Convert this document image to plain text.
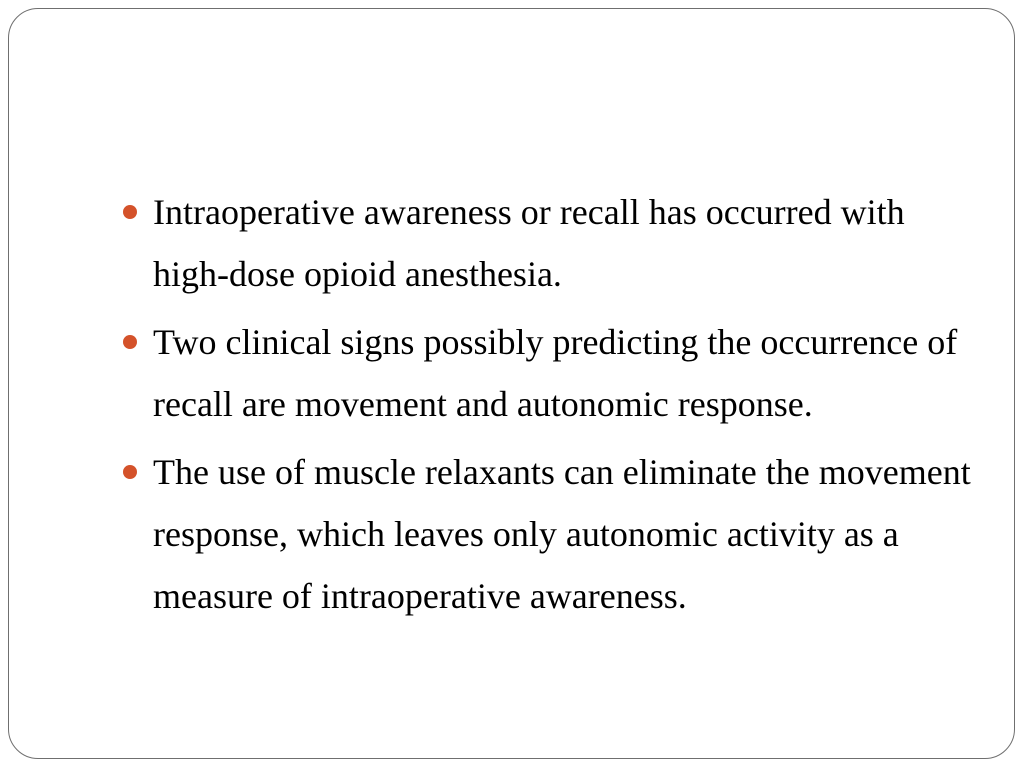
Intraoperative awareness or recall has occurred with high-dose opioid anesthesia.
Two clinical signs possibly predicting the occurrence of recall are movement and autonomic response.
The use of muscle relaxants can eliminate the movement response, which leaves only autonomic activity as a measure of intraoperative awareness.
